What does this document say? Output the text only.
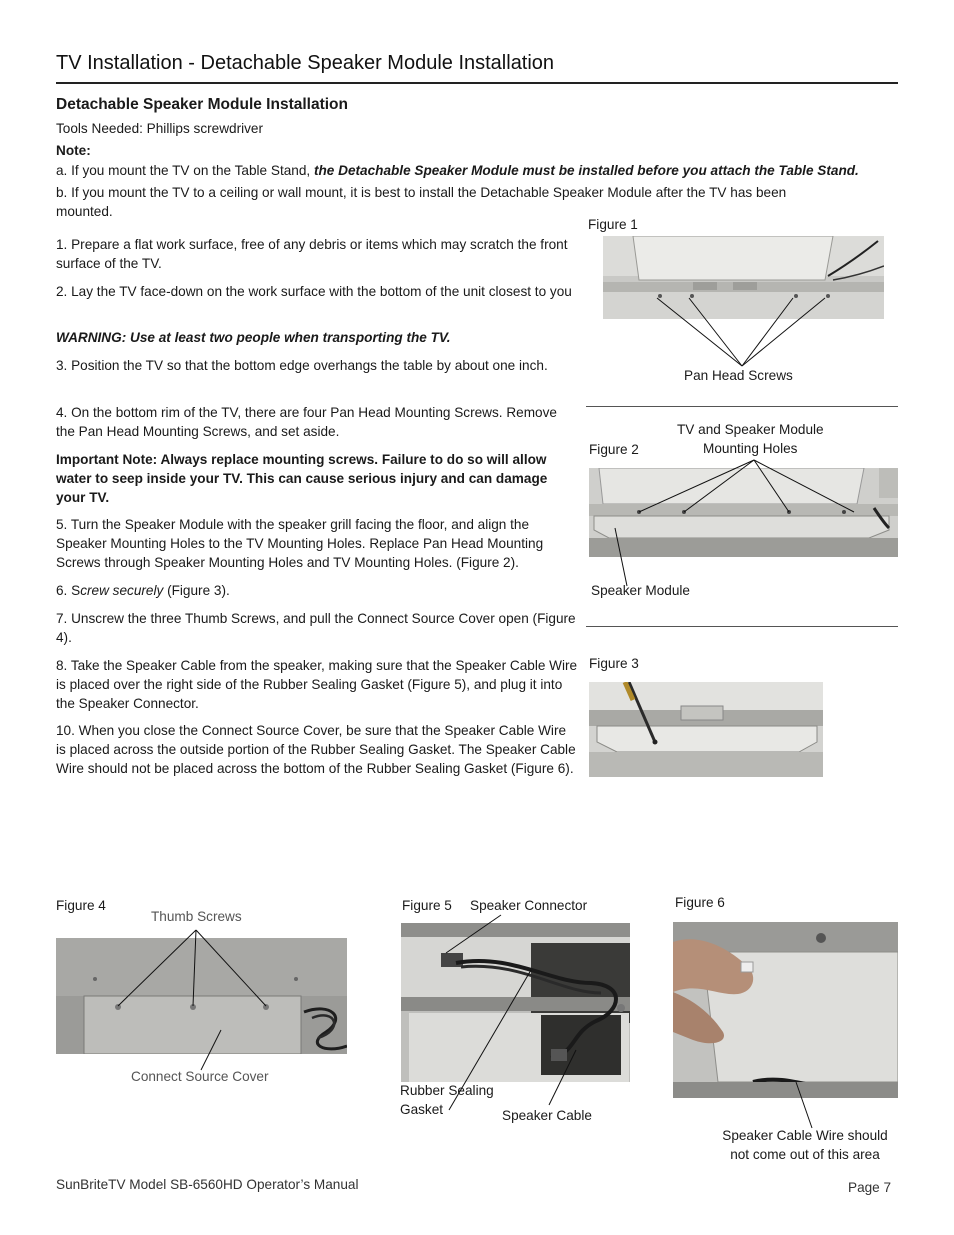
TV Installation - Detachable Speaker Module Installation
Detachable Speaker Module Installation
Tools Needed: Phillips screwdriver
Note:
a. If you mount the TV on the Table Stand, the Detachable Speaker Module must be installed before you attach the Table Stand.
b. If you mount the TV to a ceiling or wall mount, it is best to install the Detachable Speaker Module after the TV has been
mounted.
1. Prepare a flat work surface, free of any debris or items which may scratch the front surface of the TV.
2. Lay the TV face-down on the work surface with the bottom of the unit closest to you
WARNING: Use at least two people when transporting the TV.
3. Position the TV so that the bottom edge overhangs the table by about one inch.
4. On the bottom rim of the TV, there are four Pan Head Mounting Screws. Remove the Pan Head Mounting Screws, and set aside.
Important Note: Always replace mounting screws. Failure to do so will allow water to seep inside your TV. This can cause serious injury and can damage your TV.
5. Turn the Speaker Module with the speaker grill facing the floor, and align the Speaker Mounting Holes to the TV Mounting Holes. Replace Pan Head Mounting Screws through Speaker Mounting Holes and TV Mounting Holes. (Figure 2).
6. Screw securely (Figure 3).
7. Unscrew the three Thumb Screws, and pull the Connect Source Cover open (Figure 4).
8. Take the Speaker Cable from the speaker, making sure that the Speaker Cable Wire is placed over the right side of the Rubber Sealing Gasket (Figure 5), and plug it into the Speaker Connector.
10. When you close the Connect Source Cover, be sure that the Speaker Cable Wire is placed across the outside portion of the Rubber Sealing Gasket. The Speaker Cable Wire should not be placed across the bottom of the Rubber Sealing Gasket (Figure 6).
Figure 1
Pan Head Screws
TV and Speaker Module
Mounting Holes
Figure 2
Speaker Module
Figure 3
Figure 4
Thumb Screws
Connect Source Cover
Figure 5 Speaker Connector
Rubber Sealing
Gasket	Speaker Cable
Figure 6
Speaker Cable Wire should
not come out of this area
SunBriteTV Model SB-6560HD Operator’s Manual	Page 7
